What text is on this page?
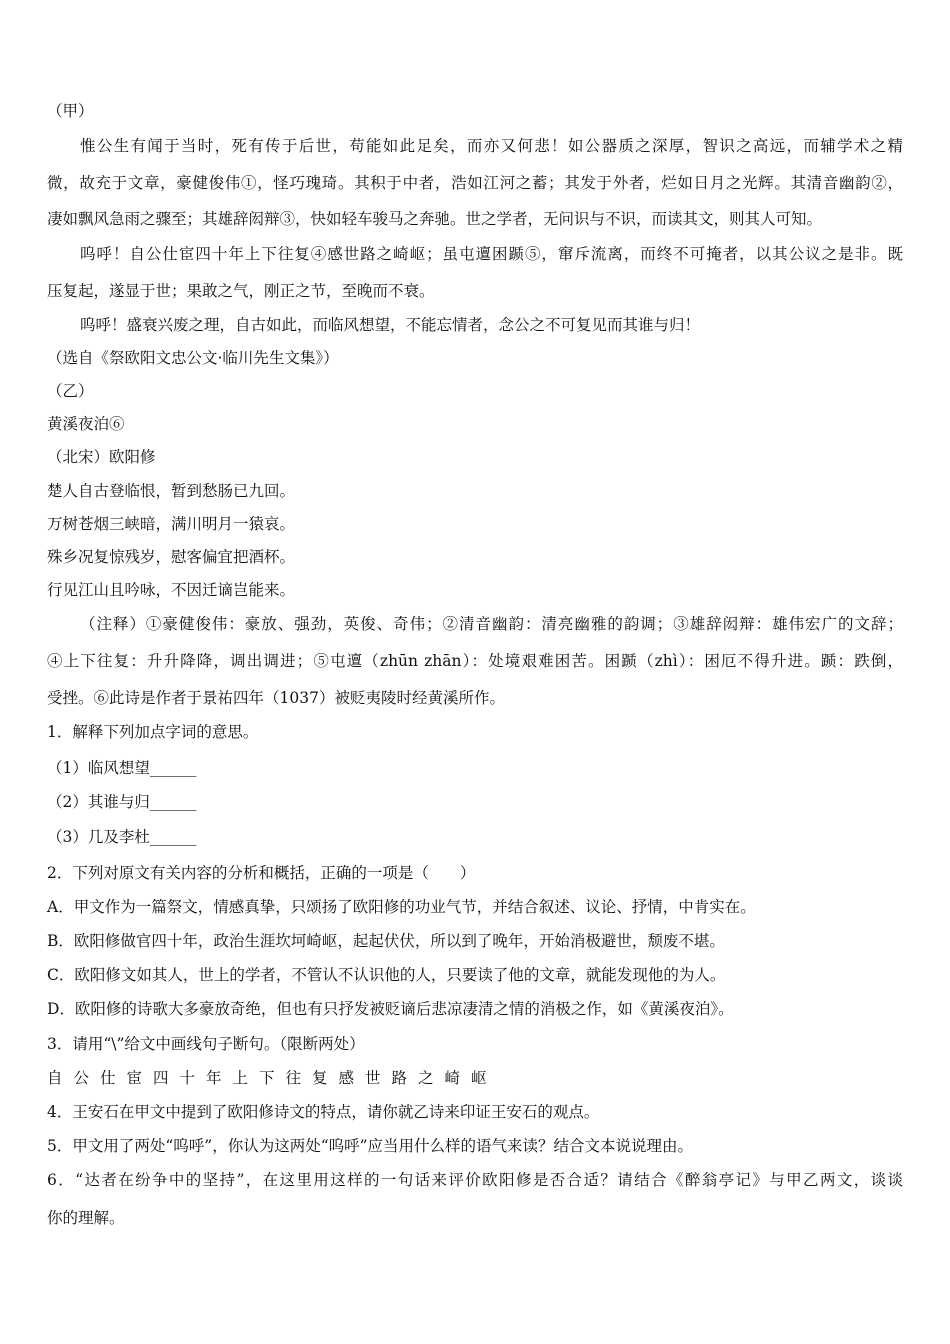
（甲）
惟公生有闻于当时，死有传于后世，苟能如此足矣，而亦又何悲！如公器质之深厚，智识之高远，而辅学术之精
微，故充于文章，豪健俊伟①，怪巧瑰琦。其积于中者，浩如江河之蓄；其发于外者，烂如日月之光辉。其清音幽韵②，
凄如飘风急雨之骤至；其雄辞闳辩③，快如轻车骏马之奔驰。世之学者，无问识与不识，而读其文，则其人可知。
呜呼！自公仕宦四十年上下往复④感世路之崎岖；虽屯邅困踬⑤，窜斥流离，而终不可掩者，以其公议之是非。既
压复起，遂显于世；果敢之气，刚正之节，至晚而不衰。
呜呼！盛衰兴废之理，自古如此，而临风想望，不能忘情者，念公之不可复见而其谁与归！
（选自《祭欧阳文忠公文·临川先生文集》）
（乙）
黄溪夜泊⑥
（北宋）欧阳修
楚人自古登临恨，暂到愁肠已九回。
万树苍烟三峡暗，满川明月一猿哀。
殊乡况复惊残岁，慰客偏宜把酒杯。
行见江山且吟咏，不因迁谪岂能来。
（注释）①豪健俊伟：豪放、强劲，英俊、奇伟；②清音幽韵：清亮幽雅的韵调；③雄辞闳辩：雄伟宏广的文辞；
④上下往复：升升降降，调出调进；⑤屯邅（zhūn zhān）：处境艰难困苦。困踬（zhì）：困厄不得升进。踬：跌倒，
受挫。⑥此诗是作者于景祐四年（1037）被贬夷陵时经黄溪所作。
1．解释下列加点字词的意思。
（1）临风想望______
（2）其谁与归______
（3）几及李杜______
2．下列对原文有关内容的分析和概括，正确的一项是（　　）
A．甲文作为一篇祭文，情感真挚，只颂扬了欧阳修的功业气节，并结合叙述、议论、抒情，中肯实在。
B．欧阳修做官四十年，政治生涯坎坷崎岖，起起伏伏，所以到了晚年，开始消极避世，颓废不堪。
C．欧阳修文如其人，世上的学者，不管认不认识他的人，只要读了他的文章，就能发现他的为人。
D．欧阳修的诗歌大多豪放奇绝，但也有只抒发被贬谪后悲凉凄清之情的消极之作，如《黄溪夜泊》。
3．请用“\”给文中画线句子断句。（限断两处）
自公仕宦四十年上下往复感世路之崎岖
4．王安石在甲文中提到了欧阳修诗文的特点，请你就乙诗来印证王安石的观点。
5．甲文用了两处“呜呼”，你认为这两处“呜呼”应当用什么样的语气来读？结合文本说说理由。
6．“达者在纷争中的坚持”，在这里用这样的一句话来评价欧阳修是否合适？请结合《醉翁亭记》与甲乙两文，谈谈
你的理解。
